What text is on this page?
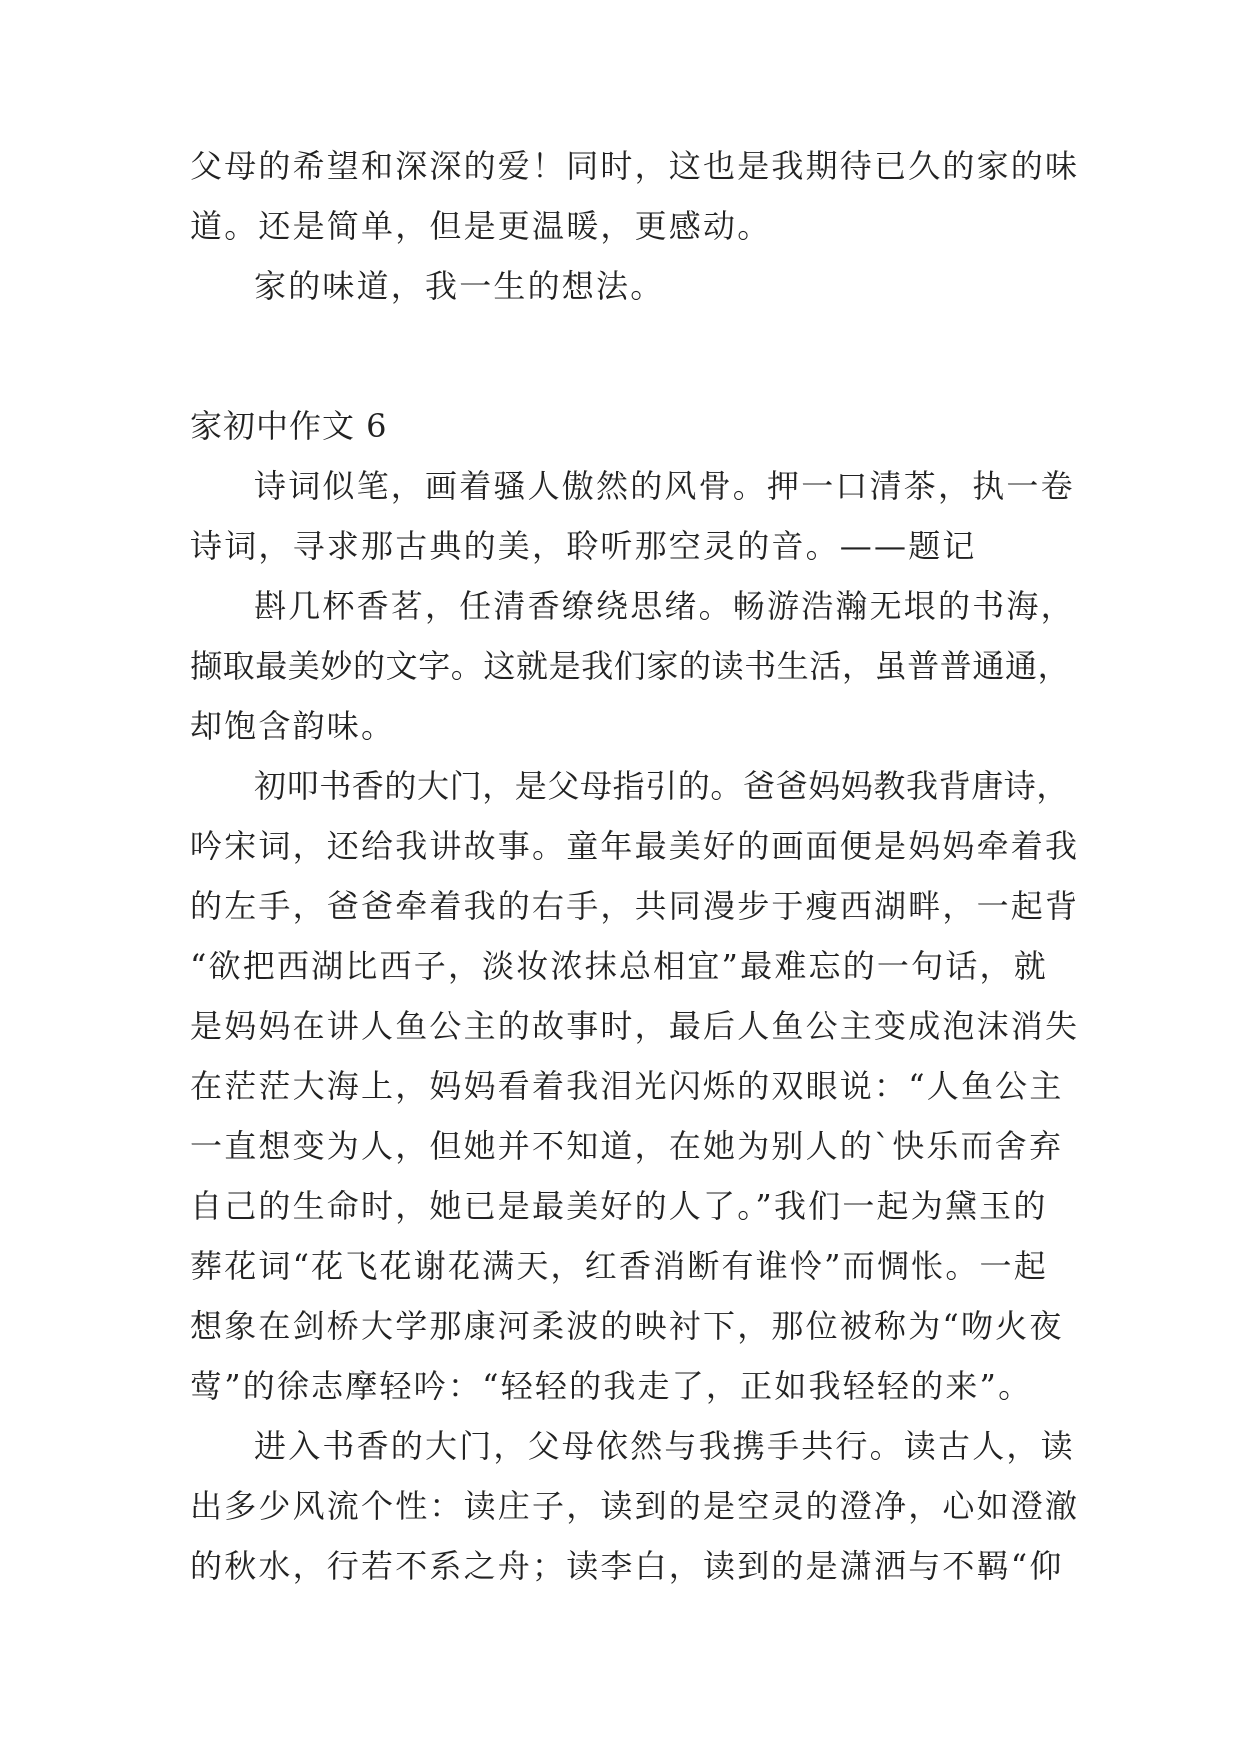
父母的希望和深深的爱！同时，这也是我期待已久的家的味
道。还是简单，但是更温暖，更感动。
家的味道，我一生的想法。
家初中作文 6
诗词似笔，画着骚人傲然的风骨。押一口清茶，执一卷
诗词，寻求那古典的美，聆听那空灵的音。——题记
斟几杯香茗，任清香缭绕思绪。畅游浩瀚无垠的书海，
撷取最美妙的文字。这就是我们家的读书生活，虽普普通通，
却饱含韵味。
初叩书香的大门，是父母指引的。爸爸妈妈教我背唐诗，
吟宋词，还给我讲故事。童年最美好的画面便是妈妈牵着我
的左手，爸爸牵着我的右手，共同漫步于瘦西湖畔，一起背
“欲把西湖比西子，淡妆浓抹总相宜”最难忘的一句话，就
是妈妈在讲人鱼公主的故事时，最后人鱼公主变成泡沫消失
在茫茫大海上，妈妈看着我泪光闪烁的双眼说：“人鱼公主
一直想变为人，但她并不知道，在她为别人的`快乐而舍弃
自己的生命时，她已是最美好的人了。”我们一起为黛玉的
葬花词“花飞花谢花满天，红香消断有谁怜”而惆怅。一起
想象在剑桥大学那康河柔波的映衬下，那位被称为“吻火夜
莺”的徐志摩轻吟：“轻轻的我走了，正如我轻轻的来”。
进入书香的大门，父母依然与我携手共行。读古人，读
出多少风流个性：读庄子，读到的是空灵的澄净，心如澄澈
的秋水，行若不系之舟；读李白，读到的是潇洒与不羁“仰
